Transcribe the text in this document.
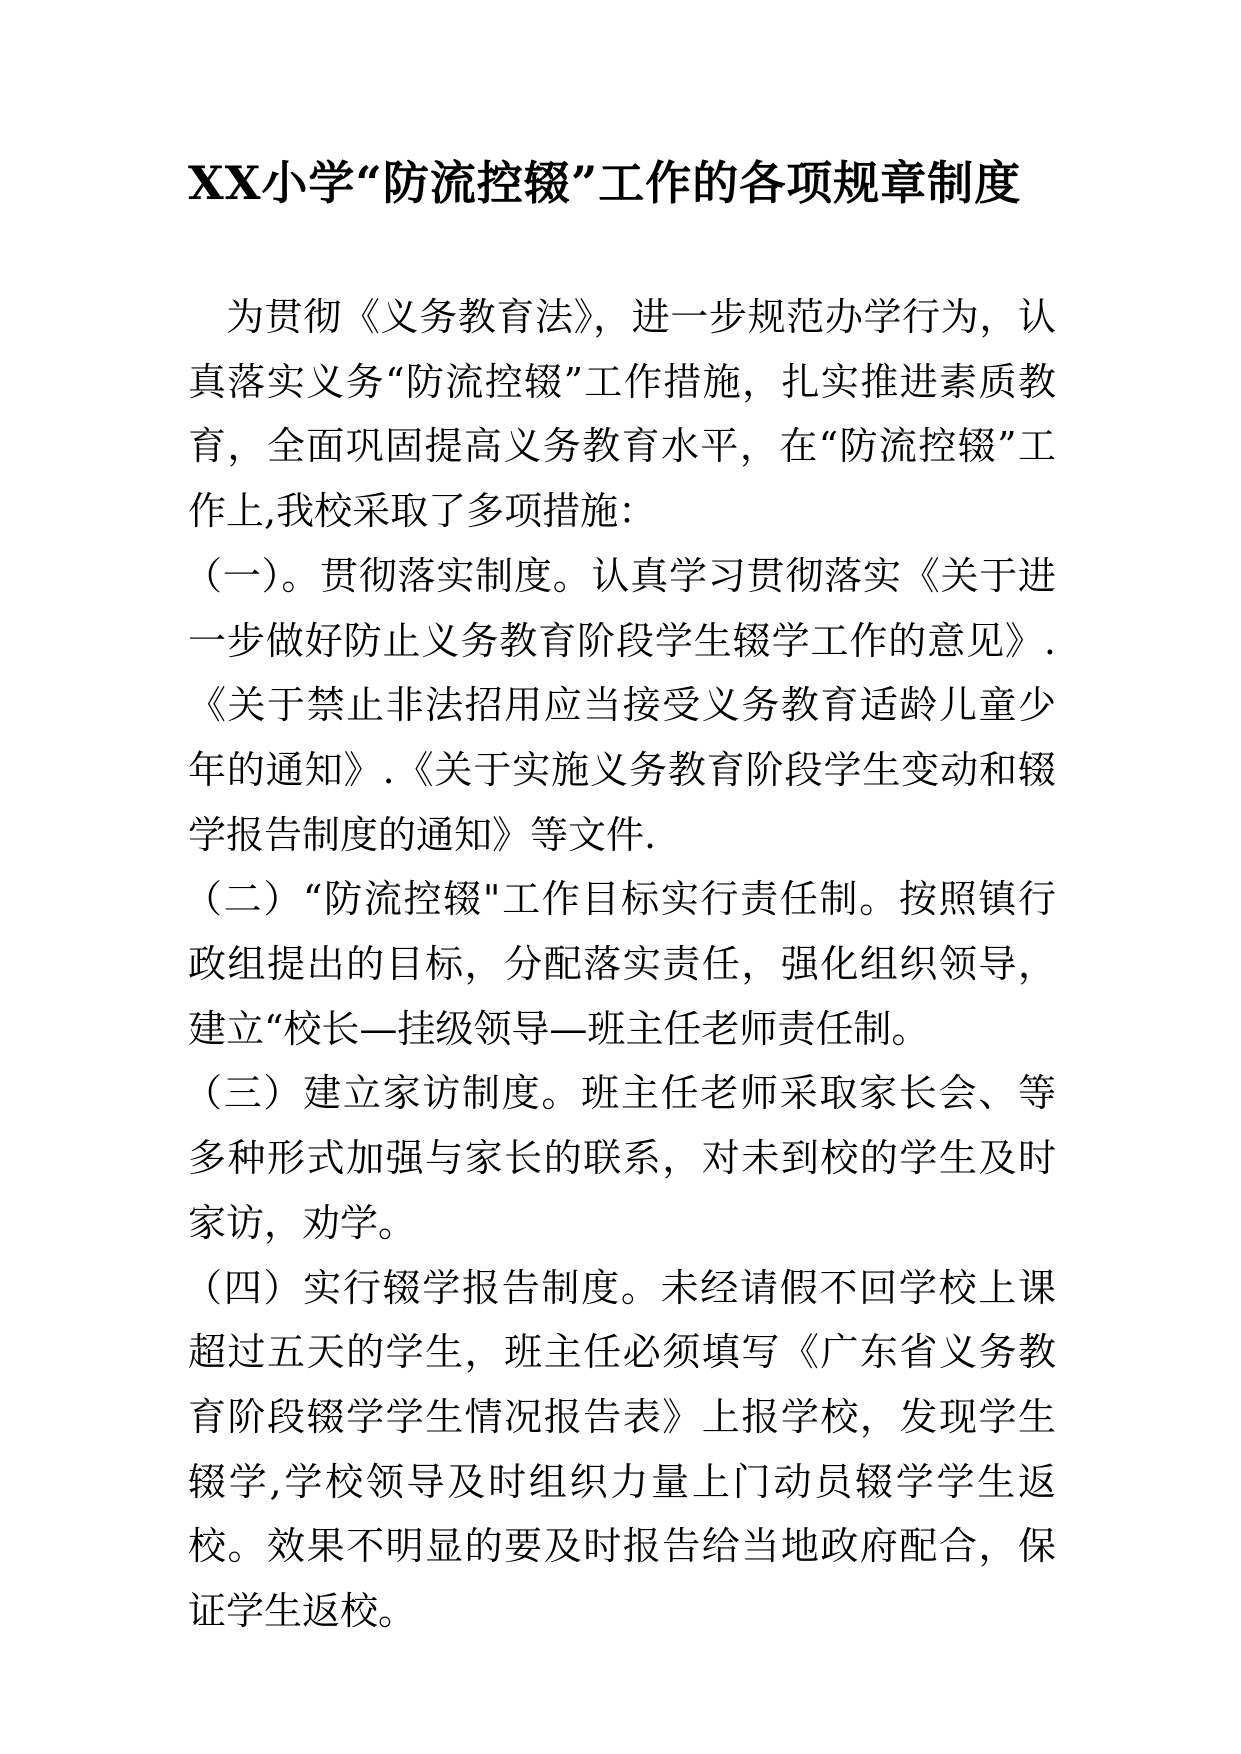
XX小学“防流控辍”工作的各项规章制度

为贯彻《义务教育法》，进一步规范办学行为，认真落实义务“防流控辍”工作措施，扎实推进素质教育，全面巩固提高义务教育水平，在“防流控辍”工作上,我校采取了多项措施：

（一）。贯彻落实制度。认真学习贯彻落实《关于进一步做好防止义务教育阶段学生辍学工作的意见》.《关于禁止非法招用应当接受义务教育适龄儿童少年的通知》.《关于实施义务教育阶段学生变动和辍学报告制度的通知》等文件.

（二）“防流控辍"工作目标实行责任制。按照镇行政组提出的目标，分配落实责任，强化组织领导，建立“校长—挂级领导—班主任老师责任制。

（三）建立家访制度。班主任老师采取家长会、等多种形式加强与家长的联系，对未到校的学生及时家访，劝学。

（四）实行辍学报告制度。未经请假不回学校上课超过五天的学生，班主任必须填写《广东省义务教育阶段辍学学生情况报告表》上报学校，发现学生辍学,学校领导及时组织力量上门动员辍学学生返校。效果不明显的要及时报告给当地政府配合，保证学生返校。
